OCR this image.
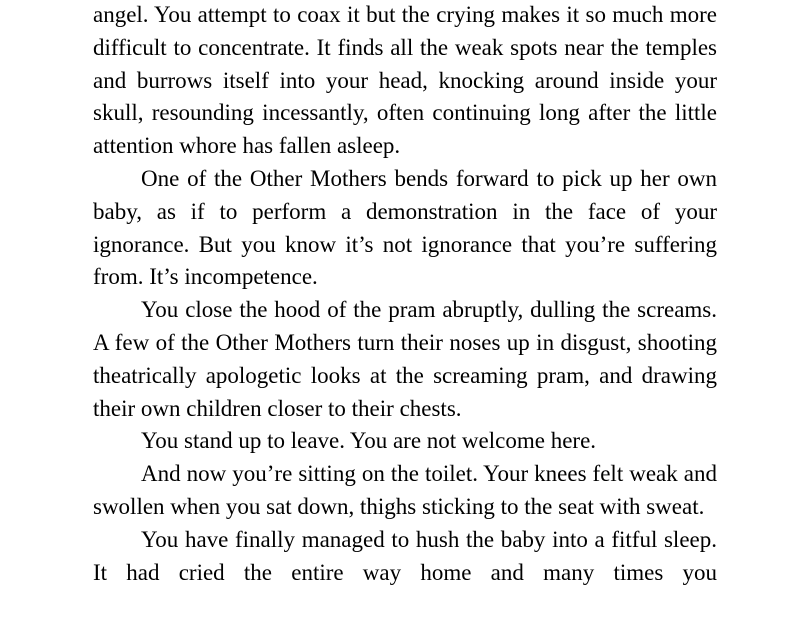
angel. You attempt to coax it but the crying makes it so much more difficult to concentrate. It finds all the weak spots near the temples and burrows itself into your head, knocking around inside your skull, resounding incessantly, often continuing long after the little attention whore has fallen asleep.

One of the Other Mothers bends forward to pick up her own baby, as if to perform a demonstration in the face of your ignorance. But you know it’s not ignorance that you’re suffering from. It’s incompetence.

You close the hood of the pram abruptly, dulling the screams. A few of the Other Mothers turn their noses up in disgust, shooting theatrically apologetic looks at the screaming pram, and drawing their own children closer to their chests.

You stand up to leave. You are not welcome here.

And now you’re sitting on the toilet. Your knees felt weak and swollen when you sat down, thighs sticking to the seat with sweat.

You have finally managed to hush the baby into a fitful sleep. It had cried the entire way home and many times you
